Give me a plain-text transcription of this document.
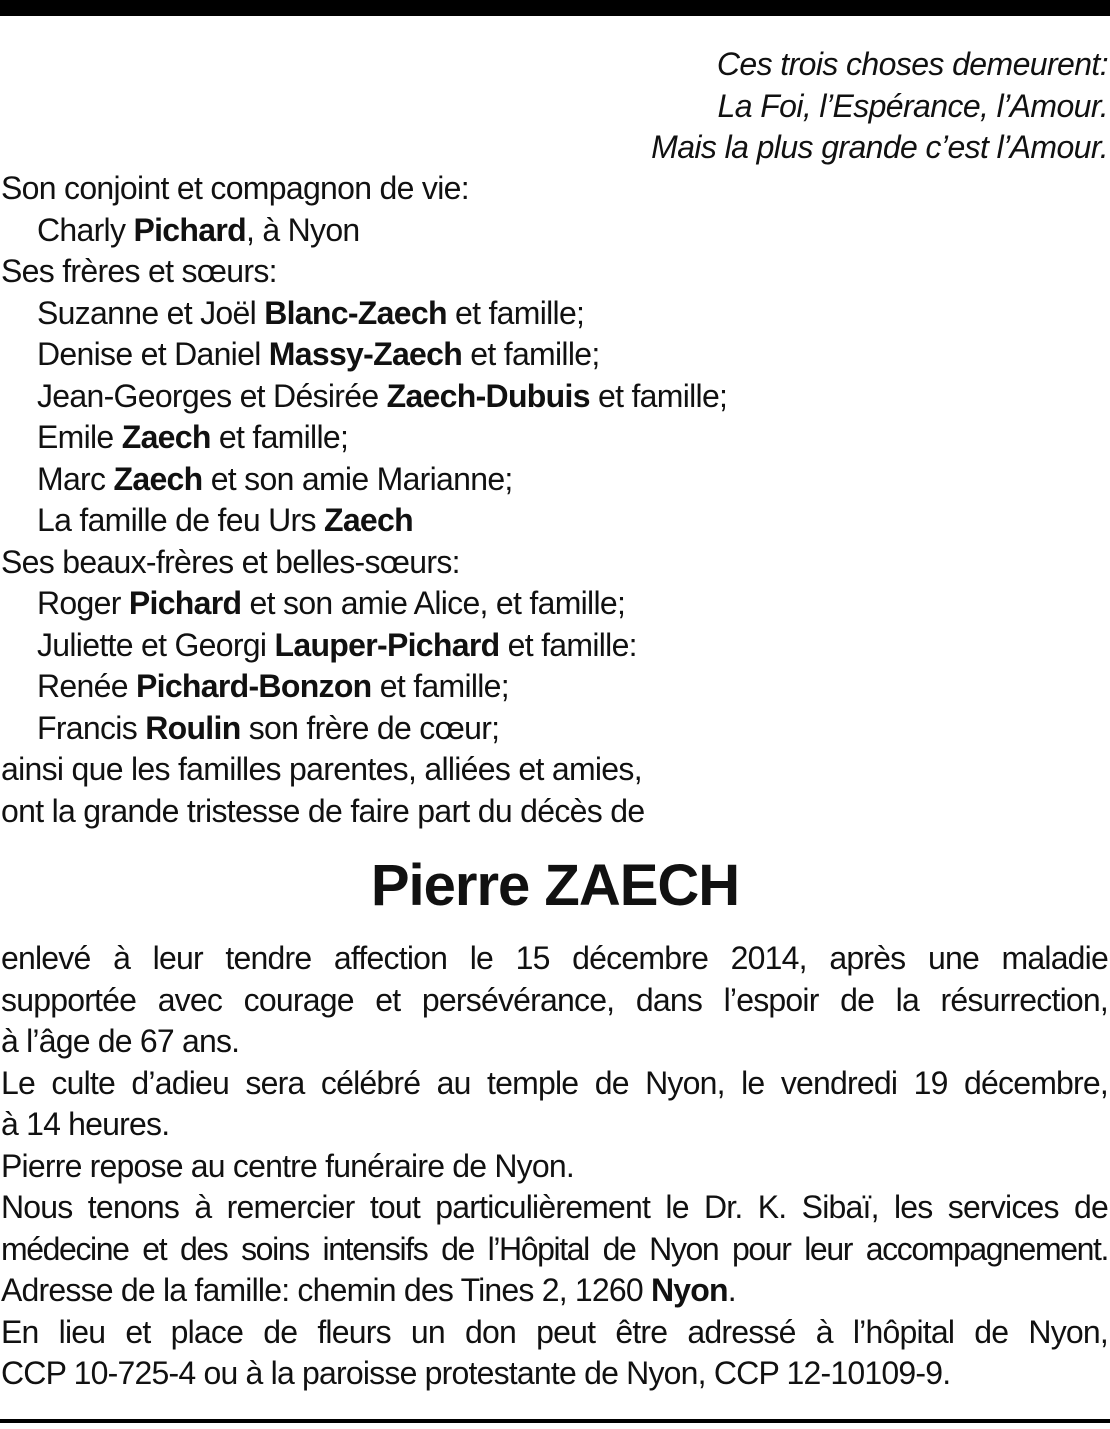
Ces trois choses demeurent:
La Foi, l’Espérance, l’Amour.
Mais la plus grande c’est l’Amour.
Son conjoint et compagnon de vie:
Charly Pichard, à Nyon
Ses frères et sœurs:
Suzanne et Joël Blanc-Zaech et famille;
Denise et Daniel Massy-Zaech et famille;
Jean-Georges et Désirée Zaech-Dubuis et famille;
Emile Zaech et famille;
Marc Zaech et son amie Marianne;
La famille de feu Urs Zaech
Ses beaux-frères et belles-sœurs:
Roger Pichard et son amie Alice, et famille;
Juliette et Georgi Lauper-Pichard et famille:
Renée Pichard-Bonzon et famille;
Francis Roulin son frère de cœur;
ainsi que les familles parentes, alliées et amies,
ont la grande tristesse de faire part du décès de
Pierre ZAECH
enlevé à leur tendre affection le 15 décembre 2014, après une maladie
supportée avec courage et persévérance, dans l’espoir de la résurrection,
à l’âge de 67 ans.
Le culte d’adieu sera célébré au temple de Nyon, le vendredi 19 décembre,
à 14 heures.
Pierre repose au centre funéraire de Nyon.
Nous tenons à remercier tout particulièrement le Dr. K. Sibaï, les services de
médecine et des soins intensifs de l’Hôpital de Nyon pour leur accompagnement.
Adresse de la famille: chemin des Tines 2, 1260 Nyon.
En lieu et place de fleurs un don peut être adressé à l’hôpital de Nyon,
CCP 10-725-4 ou à la paroisse protestante de Nyon, CCP 12-10109-9.
